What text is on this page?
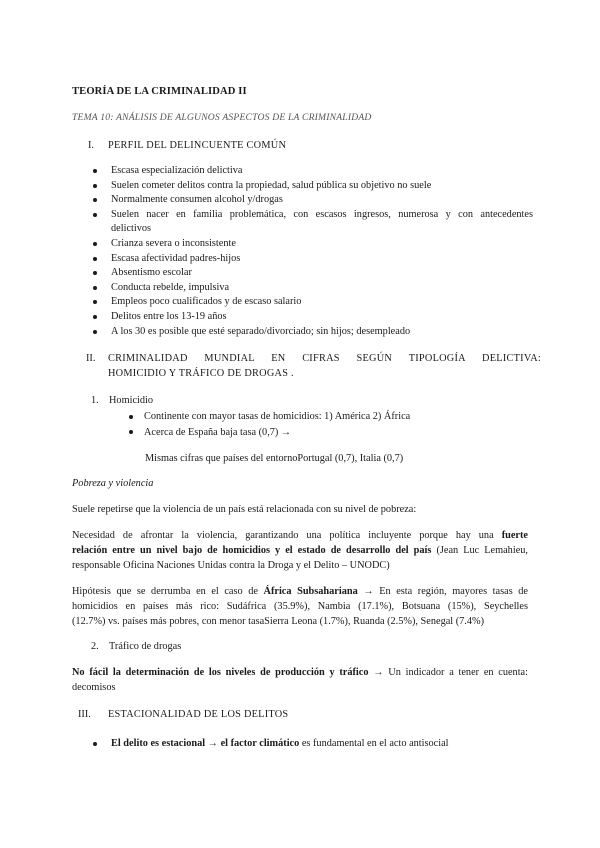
TEORÍA DE LA CRIMINALIDAD II
TEMA 10: ANÁLISIS DE ALGUNOS ASPECTOS DE LA CRIMINALIDAD
I. PERFIL DEL DELINCUENTE COMÚN
Escasa especialización delictiva
Suelen cometer delitos contra la propiedad, salud pública su objetivo no suele
Normalmente consumen alcohol y/drogas
Suelen nacer en familia problemática, con escasos ingresos, numerosa y con antecedentes
delictivos
Crianza severa o inconsistente
Escasa afectividad padres-hijos
Absentismo escolar
Conducta rebelde, impulsiva
Empleos poco cualificados y de escaso salario
Delitos entre los 13-19 años
A los 30 es posible que esté separado/divorciado; sin hijos; desempleado
II. CRIMINALIDAD MUNDIAL EN CIFRAS SEGÚN TIPOLOGÍA DELICTIVA:
HOMICIDIO Y TRÁFICO DE DROGAS .
1. Homicidio
Continente con mayor tasas de homicidios: 1) América 2) África
Acerca de España baja tasa (0,7) →
Mismas cifras que países del entornoPortugal (0,7), Italia (0,7)
Pobreza y violencia
Suele repetirse que la violencia de un país está relacionada con su nivel de pobreza:
Necesidad de afrontar la violencia, garantizando una política incluyente porque hay una fuerte
relación entre un nivel bajo de homicidios y el estado de desarrollo del país (Jean Luc Lemahieu,
responsable Oficina Naciones Unidas contra la Droga y el Delito – UNODC)
Hipótesis que se derrumba en el caso de África Subsahariana → En esta región, mayores tasas de
homicidios en países más rico: Sudáfrica (35.9%), Nambia (17.1%), Botsuana (15%), Seychelles
(12.7%) vs. países más pobres, con menor tasaSierra Leona (1.7%), Ruanda (2.5%), Senegal (7.4%)
2. Tráfico de drogas
No fácil la determinación de los niveles de producción y tráfico → Un indicador a tener en cuenta:
decomisos
III. ESTACIONALIDAD DE LOS DELITOS
El delito es estacional → el factor climático es fundamental en el acto antisocial
